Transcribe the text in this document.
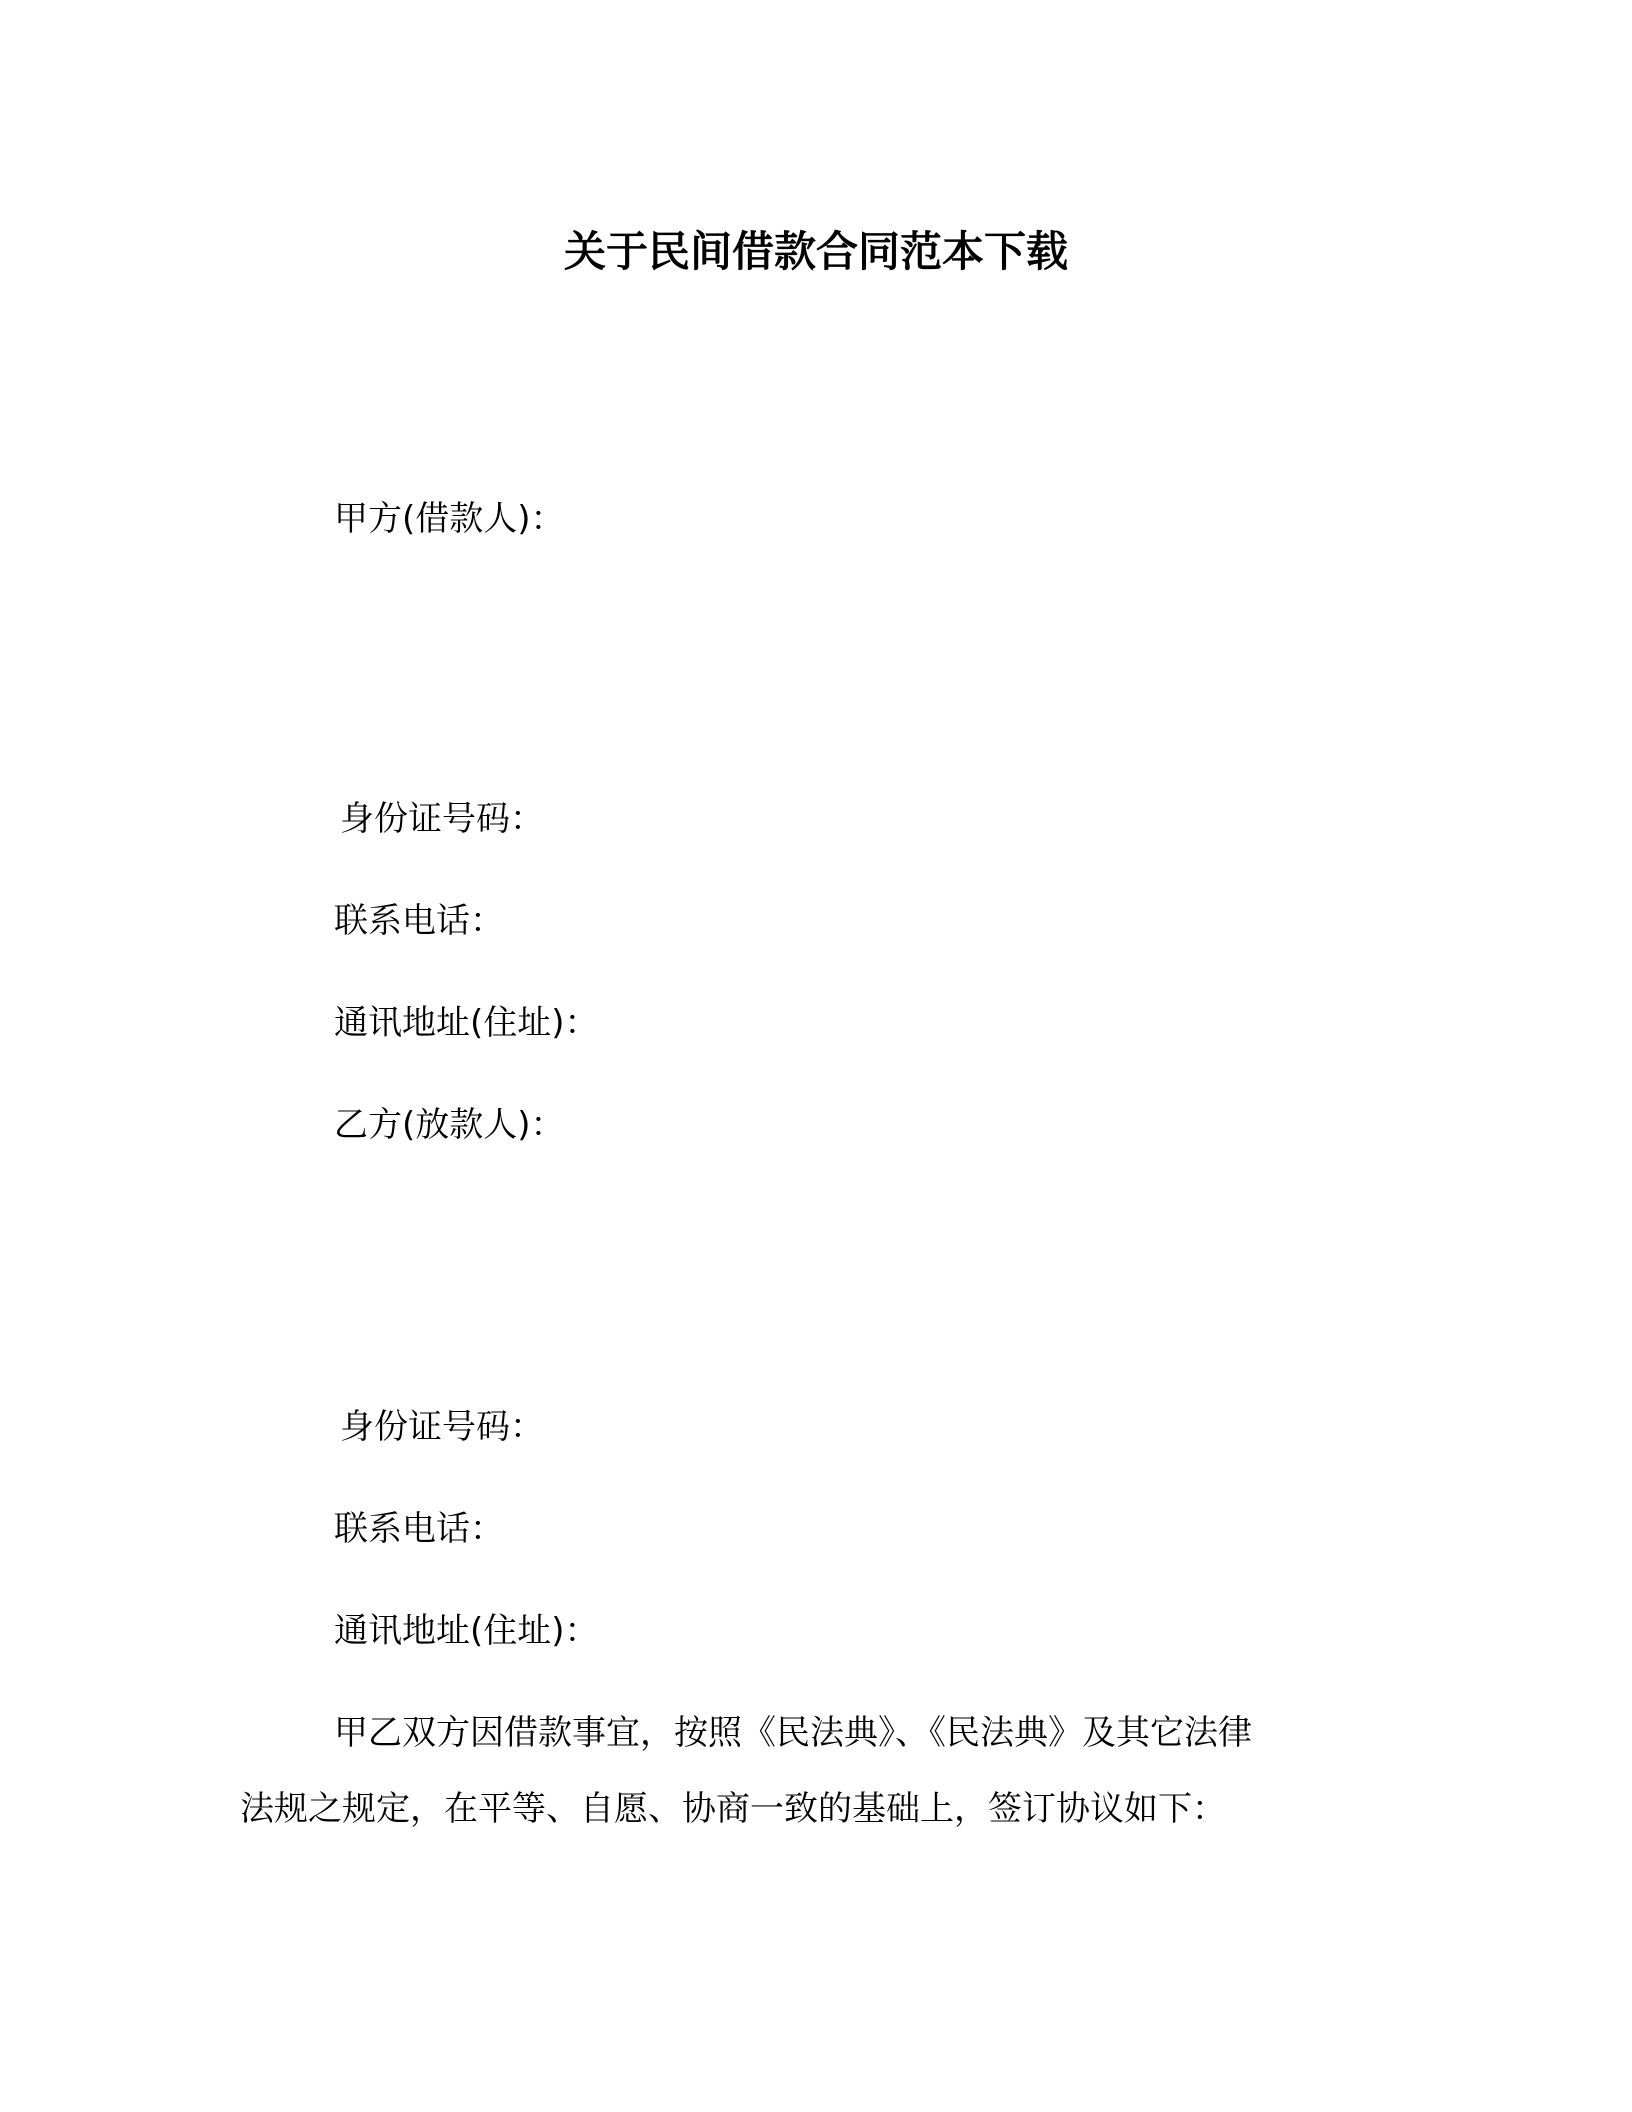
关于民间借款合同范本下载
甲方(借款人)：
身份证号码：
联系电话：
通讯地址(住址)：
乙方(放款人)：
身份证号码：
联系电话：
通讯地址(住址)：
甲乙双方因借款事宜，按照《民法典》、《民法典》及其它法律
法规之规定，在平等、自愿、协商一致的基础上，签订协议如下：
